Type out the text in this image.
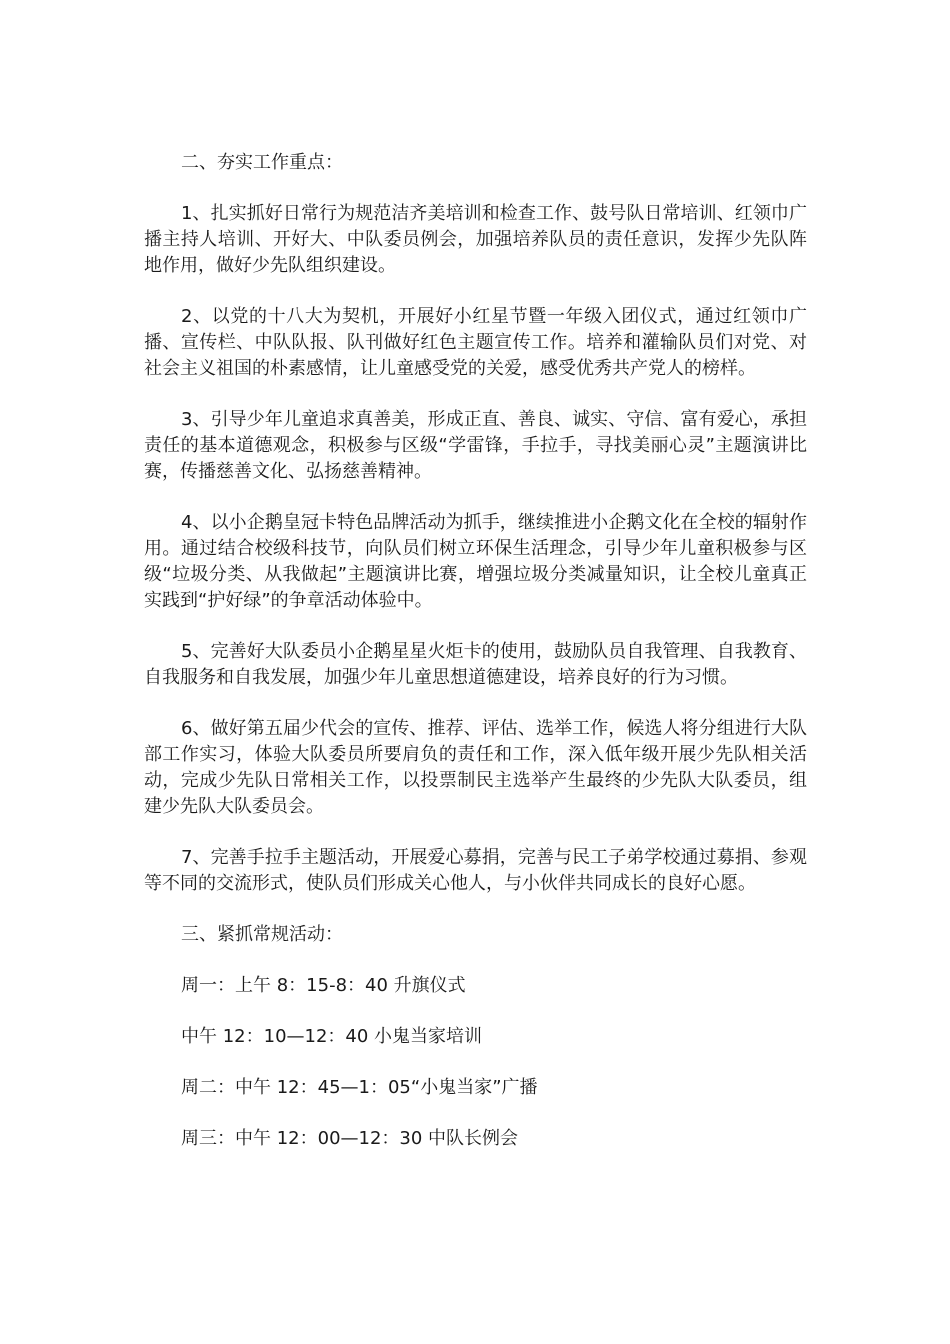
二、夯实工作重点：

1、扎实抓好日常行为规范洁齐美培训和检查工作、鼓号队日常培训、红领巾广播主持人培训、开好大、中队委员例会，加强培养队员的责任意识，发挥少先队阵地作用，做好少先队组织建设。

2、以党的十八大为契机，开展好小红星节暨一年级入团仪式，通过红领巾广播、宣传栏、中队队报、队刊做好红色主题宣传工作。培养和灌输队员们对党、对社会主义祖国的朴素感情，让儿童感受党的关爱，感受优秀共产党人的榜样。

3、引导少年儿童追求真善美，形成正直、善良、诚实、守信、富有爱心，承担责任的基本道德观念，积极参与区级“学雷锋，手拉手，寻找美丽心灵”主题演讲比赛，传播慈善文化、弘扬慈善精神。

4、以小企鹅皇冠卡特色品牌活动为抓手，继续推进小企鹅文化在全校的辐射作用。通过结合校级科技节，向队员们树立环保生活理念，引导少年儿童积极参与区级“垃圾分类、从我做起”主题演讲比赛，增强垃圾分类减量知识，让全校儿童真正实践到“护好绿”的争章活动体验中。

5、完善好大队委员小企鹅星星火炬卡的使用，鼓励队员自我管理、自我教育、自我服务和自我发展，加强少年儿童思想道德建设，培养良好的行为习惯。

6、做好第五届少代会的宣传、推荐、评估、选举工作，候选人将分组进行大队部工作实习，体验大队委员所要肩负的责任和工作，深入低年级开展少先队相关活动，完成少先队日常相关工作，以投票制民主选举产生最终的少先队大队委员，组建少先队大队委员会。

7、完善手拉手主题活动，开展爱心募捐，完善与民工子弟学校通过募捐、参观等不同的交流形式，使队员们形成关心他人，与小伙伴共同成长的良好心愿。

三、紧抓常规活动：

周一：上午 8：15-8：40 升旗仪式

中午 12：10—12：40 小鬼当家培训

周二：中午 12：45—1：05“小鬼当家”广播

周三：中午 12：00—12：30 中队长例会
